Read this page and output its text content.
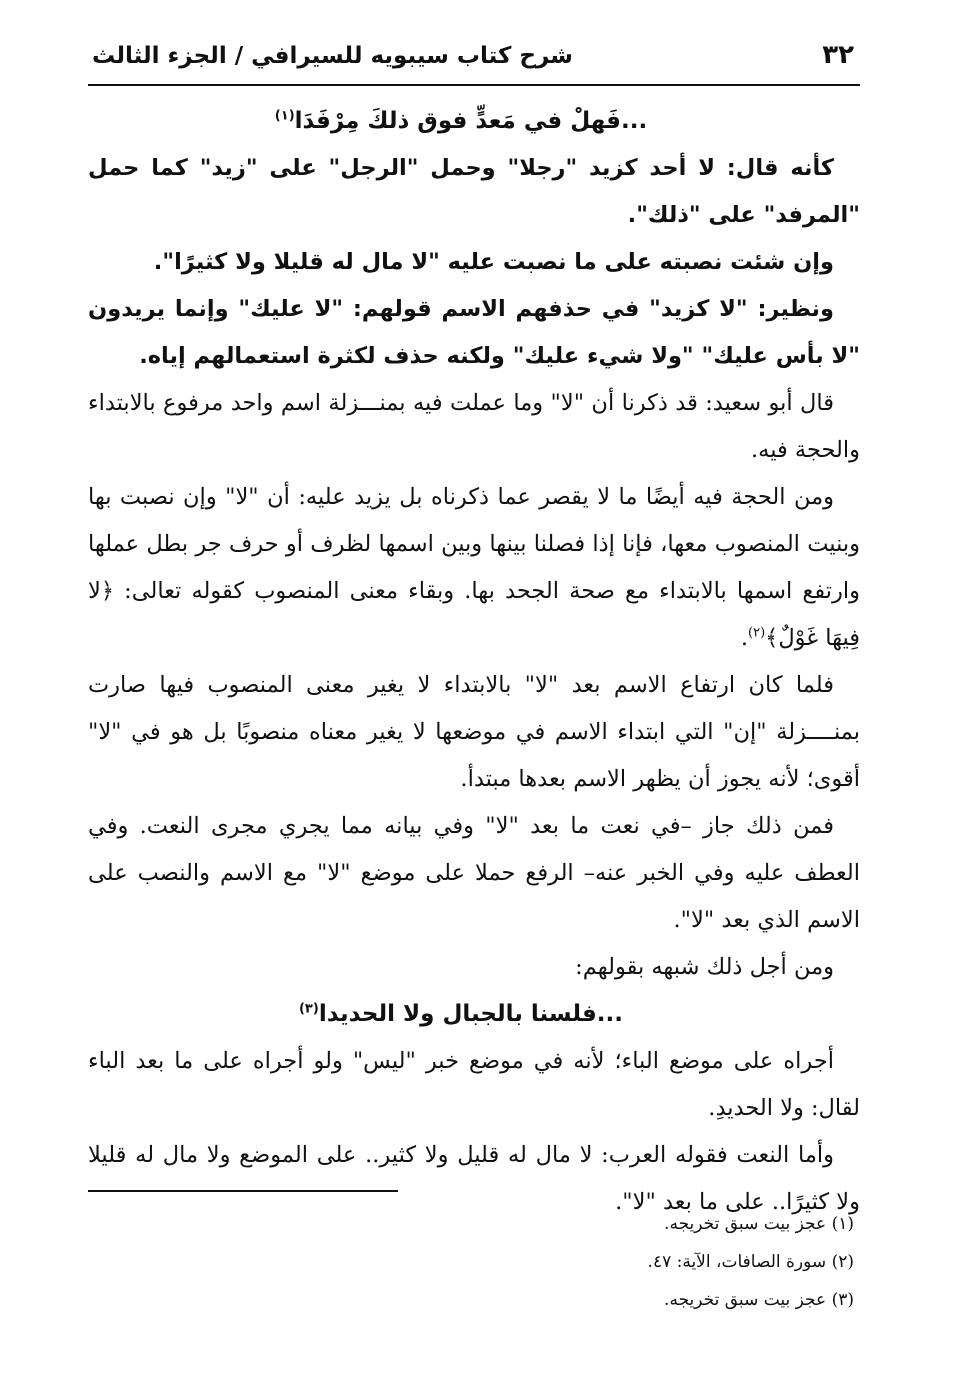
٣٢
شرح كتاب سيبويه للسيرافي / الجزء الثالث

...فَهلْ في مَعدٍّ فوق ذلكَ مِرْفَدَا$^{(١)}$

كأنه قال: لا أحد كزيد "رجلا" وحمل "الرجل" على "زيد" كما حمل "المرفد" على "ذلك".

وإن شئت نصبته على ما نصبت عليه "لا مال له قليلا ولا كثيرًا".

ونظير: "لا كزيد" في حذفهم الاسم قولهم: "لا عليك" وإنما يريدون "لا بأس عليك" "ولا شيء عليك" ولكنه حذف لكثرة استعمالهم إياه.

قال أبو سعيد: قد ذكرنا أن "لا" وما عملت فيه بمنـــزلة اسم واحد مرفوع بالابتداء والحجة فيه.

ومن الحجة فيه أيضًا ما لا يقصر عما ذكرناه بل يزيد عليه: أن "لا" وإن نصبت بها وبنيت المنصوب معها، فإنا إذا فصلنا بينها وبين اسمها لظرف أو حرف جر بطل عملها وارتفع اسمها بالابتداء مع صحة الجحد بها. وبقاء معنى المنصوب كقوله تعالى: ﴿لا فِيهَا غَوْلٌ﴾$^{(٢)}$.

فلما كان ارتفاع الاسم بعد "لا" بالابتداء لا يغير معنى المنصوب فيها صارت بمنــــزلة "إن" التي ابتداء الاسم في موضعها لا يغير معناه منصوبًا بل هو في "لا" أقوى؛ لأنه يجوز أن يظهر الاسم بعدها مبتدأ.

فمن ذلك جاز –في نعت ما بعد "لا" وفي بيانه مما يجري مجرى النعت. وفي العطف عليه وفي الخبر عنه– الرفع حملا على موضع "لا" مع الاسم والنصب على الاسم الذي بعد "لا".

ومن أجل ذلك شبهه بقولهم:

...فلسنا بالجبال ولا الحديدا$^{(٣)}$

أجراه على موضع الباء؛ لأنه في موضع خبر "ليس" ولو أجراه على ما بعد الباء لقال: ولا الحديدِ.

وأما النعت فقوله العرب: لا مال له قليل ولا كثير.. على الموضع ولا مال له قليلا ولا كثيرًا.. على ما بعد "لا".

(١) عجز بيت سبق تخريجه.
(٢) سورة الصافات، الآية: ٤٧.
(٣) عجز بيت سبق تخريجه.
